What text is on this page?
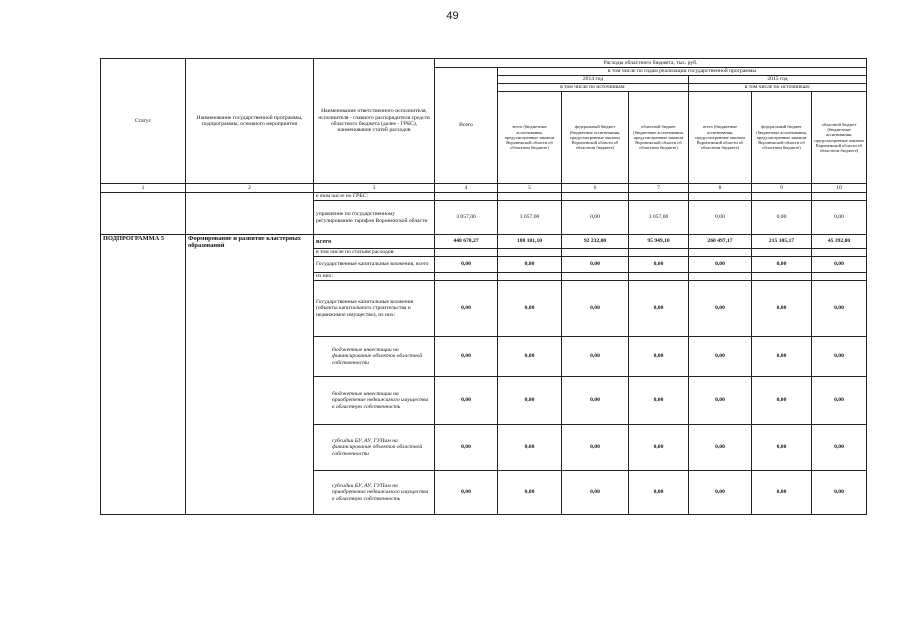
49
Статус	Наименование государственной программы, подпрограммы, основного мероприятия	Наименование ответственного исполнителя, исполнителя - главного распорядителя средств областного бюджета (далее - ГРБС), наименование статей расходов	Расходы областного бюджета, тыс. руб.						
			Всего	в том числе по годам реализации государственной программы					
				2014 год			2015 год		
				в том числе по источникам:			в том числе по источникам:		
				всего (бюджетные ассигнования, предусмотренные законом Воронежской области об областном бюджете)	федеральный бюджет (бюджетные ассигнования, предусмотренные законом Воронежской области об областном бюджете)	областной бюджет (бюджетные ассигнования, предусмотренные законом Воронежской области об областном бюджете)	всего (бюджетные ассигнования, предусмотренные законом Воронежской области об областном бюджете)	федеральный бюджет (бюджетные ассигнования, предусмотренные законом Воронежской области об областном бюджете)	областной бюджет (бюджетные ассигнования, предусмотренные законом Воронежской области об областном бюджете)
1	2	3	4	5	6	7	8	9	10
		в том числе по ГРБС:							
		управление по государственному регулированию тарифов Воронежской области	3 057,00	3 057,00	0,00	3 057,00	0,00	0,00	0,00
ПОДПРОГРАММА 5	Формирование и развитие кластерных образований	всего	448 678,27	188 181,10	92 232,00	95 949,10	260 497,17	215 105,17	45 392,00
		в том числе по статьям расходов:							
		Государственные капитальные вложения, всего	0,00	0,00	0,00	0,00	0,00	0,00	0,00
		из них:							
		Государственные капитальные вложения (объекты капитального строительства и недвижимое имущество), из них:	0,00	0,00	0,00	0,00	0,00	0,00	0,00
		бюджетные инвестиции на финансирование объектов областной собственности	0,00	0,00	0,00	0,00	0,00	0,00	0,00
		бюджетные инвестиции на приобретение недвижимого имущества в областную собственность	0,00	0,00	0,00	0,00	0,00	0,00	0,00
		субсидии БУ, АУ, ГУПам на финансирование объектов областной собственности	0,00	0,00	0,00	0,00	0,00	0,00	0,00
		субсидии БУ, АУ, ГУПам на приобретение недвижимого имущества в областную собственность	0,00	0,00	0,00	0,00	0,00	0,00	0,00
